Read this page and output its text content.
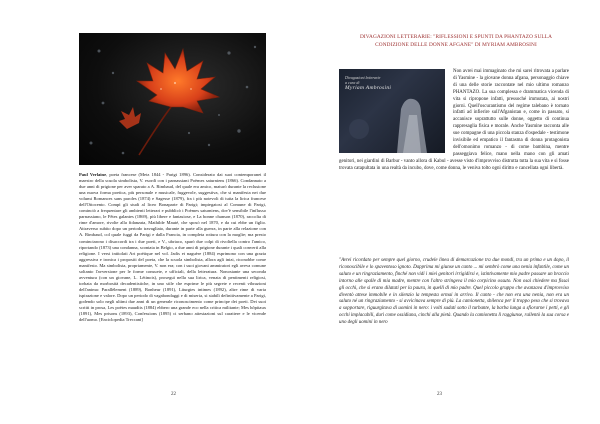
Paul Verlaine, poeta francese (Metz 1844 - Parigi 1896). Considerato dai suoi contemporanei il maestro della scuola simbolista, V. esordì con i parnassiani Poèmes saturniens (1866). Condannato a due anni di prigione per aver sparato a A. Rimbaud, del quale era amico, maturò durante la reclusione una nuova forma poetica, più personale e musicale, fuggevole, suggestiva, che si manifesta nei due volumi Romances sans paroles (1874) e Sagesse (1879), fra i più notevoli di tutta la lirica francese dell'Ottocento. Compì gli studi al liceo Bonaparte di Parigi; impiegatosi al Comune di Parigi, cominciò a frequentare gli ambienti letterari e pubblicò i Poèmes saturniens, dov'è sensibile l'influsso parnassiano, le Fêtes galantes (1869), più libere e fantasiose, e La bonne chanson (1870), raccolta di rime d'amore, rivolte alla fidanzata, Mathilde Mauté, che sposò nel 1870, e da cui ebbe un figlio. Attraverso subito dopo un periodo travagliato, durante in parte alla guerra, in parte alla relazione con A. Rimbaud, col quale fuggì da Parigi e dalla Francia, in completa rottura con la moglie; ma presto cominciarono i disaccordi tra i due poeti, e V., ubriaco, sparò due colpi di rivoltella contro l'amico, riportando (1873) una condanna, scontata in Belgio, a due anni di prigione durante i quali convertì alla religione. I versi intitolati Art poétique nel vol. Jadis et naguère (1884) esprimono con una grazia aggressiva e ironica i propositi del poeta, che la scuola simbolista, allora agli inizi, riconobbe come manifesto. Ma simbolista, propriamente, V. non era; con i suoi giovani ammiratori egli aveva comune soltanto l'avversione per le forme consuete, e ufficiali, della letteratura. Nonostante una seconda avventura (con un giovane, L. Létinois), proseguì nella sua lirica, venata di pentimenti religiosi, torbata da morbosità decadentistiche, in uno stile che esprime le più segrete e recenti vibrazioni dell'anima: Parallèlement (1889), Bonheur (1891), Liturgies intimes (1892), altre rime di varia ispirazione e valore. Dopo un periodo di vagabondaggi e di miseria, si stabilì definitivamente a Parigi, godendo solo negli ultimi due anni di un generale riconoscimento come principe dei poeti. Dei suoi scritti in prosa, Les poètes maudits (1884) ebbero una grande eco nella critica militante; Mes hôpitaux (1891), Mes prisons (1893), Confessions (1895) ci serbano attestazioni sul carattere e le vicende dell'uomo. [Enciclopedia Treccani]
22
DIVAGAZIONI LETTERARIE: "RIFLESSIONI E SPUNTI DA PHANTAZO SULLA
CONDIZIONE DELLE DONNE AFGANE" DI MYRIAM AMBROSINI
Divagazioni letterarie
a cura di
Myriam Ambrosini

Non avrei mai immaginato che mi sarei ritrovata a parlare di Yasmine - la giovane donna afgana, personaggio chiave di una delle storie raccontate nel mio ultimo romanzo PHANTAZO. La sua complessa e drammatica vicenda di vita si ripropone infatti, pressoché immutata, ai nostri giorni. Quell'oscurantismo del regime talebano è tornato infatti ad infierire sull'Afganistan e, come in passato, si accanisce soprattutto sulle donne, oggetto di continua rappresaglia fisica e morale. Anche Yasmine racconta alle sue compagne di una piccola stanza d'ospedale - testimone invisibile ed empatico il fantasma di donna protagonista dell'omonimo romanzo - di come bambina, mentre passeggiava felice, mano nella mano con gli amati genitori, nei giardini di Barbur - vanto allora di Kabul - avesse visto d'improvviso distrutta tutta la sua vita e si fosse trovata catapultata in una realtà da incubo, dove, come donna, le veniva tolto ogni diritto e cancellata ogni libertà.

"Avrei ricordato per sempre quel giorno, crudele linea di demarcazione tra due mondi, tra un prima e un dopo, il riconoscibile e lo spaventoso ignoto. Dapprima mi giunse un canto ... mi sembrò come una nenia infantile, come un saluto e un ringraziamento, finché non vidi i miei genitori irrigidirsi e, istintivamente mio padre passare un braccio intorno alle spalle di mia madre, mentre con l'altro stringeva il mio corpicino ossuto. Non osai chiedere ma fissai gli occhi, che si erano dilatati per la paura, in quelli di mio padre. Quel piccolo gruppo che avanzava d'improvviso diventò attese immobile e in silenzio la tempesta ormai in arrivo. Il canto - che non era una nenia, non era un saluto né un ringraziamento - si avvicinava sempre di più. La camionetta, sbilenca per il troppo peso che si trovava a sopportare, riguurgitava di uomini in nero: i volti sudati sotto il turbante, la barba lunga a sfiorarne i petti, e gli occhi implacabili, duri come ossidiana, cinchi alla pietà. Quando la camionetta li raggiunse, rallentò la sua corsa e uno degli uomini in nero
23
